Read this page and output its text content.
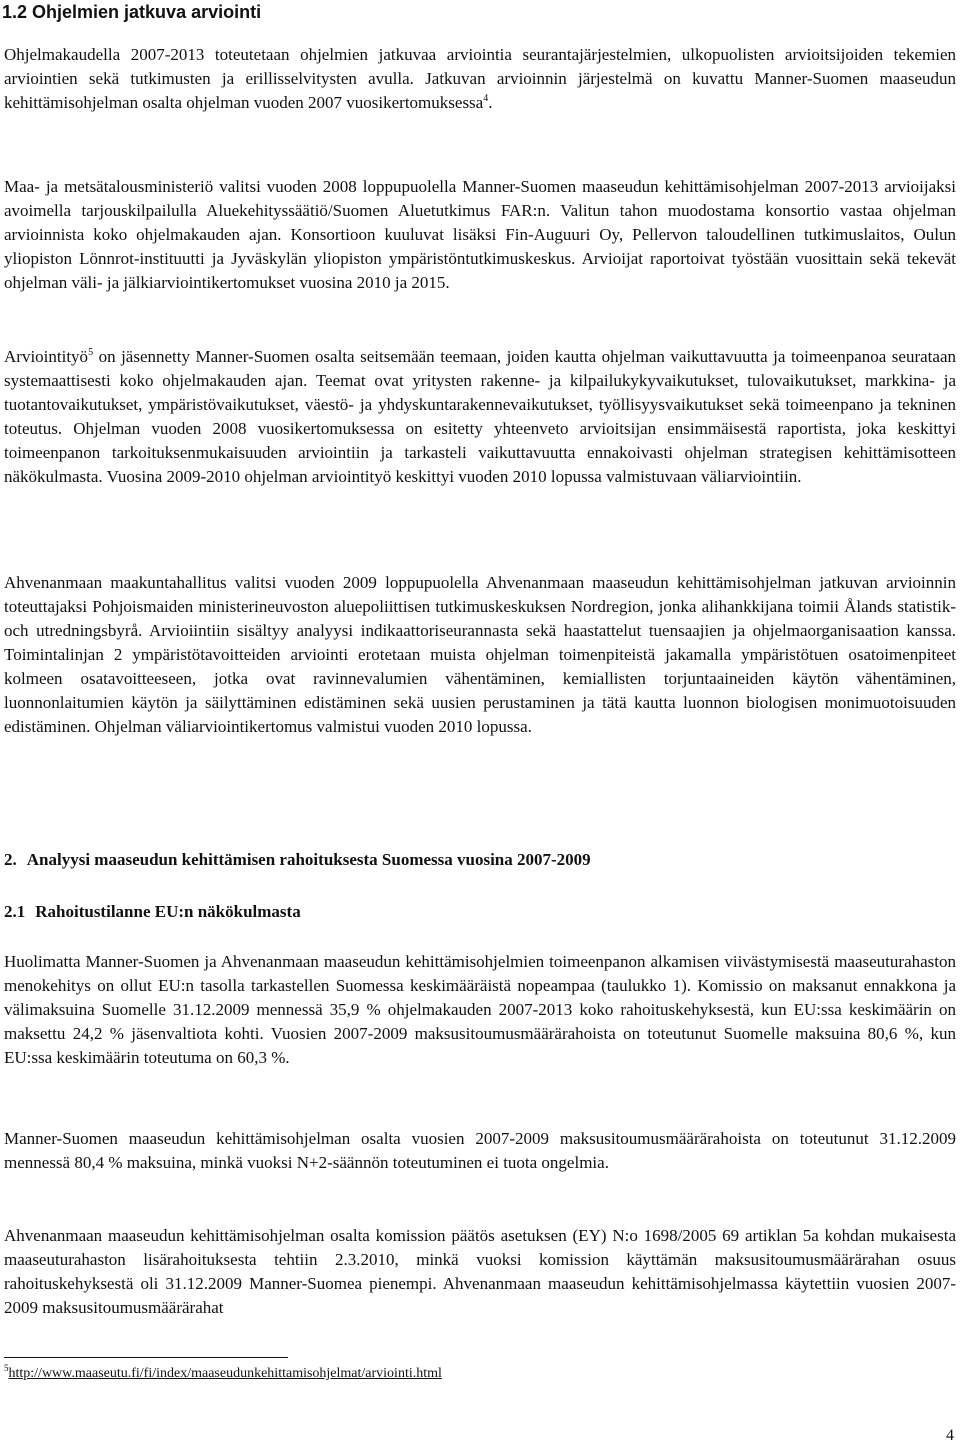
1.2 Ohjelmien jatkuva arviointi

Ohjelmakaudella 2007-2013 toteutetaan ohjelmien jatkuvaa arviointia seurantajärjestelmien, ulkopuolisten arvioitsijoiden tekemien arviointien sekä tutkimusten ja erillisselvitysten avulla. Jatkuvan arvioinnin järjestelmä on kuvattu Manner-Suomen maaseudun kehittämisohjelman osalta ohjelman vuoden 2007 vuosikertomuksessa$^4$.

Maa- ja metsätalousministeriö valitsi vuoden 2008 loppupuolella Manner-Suomen maaseudun kehittämisohjelman 2007-2013 arvioijaksi avoimella tarjouskilpailulla Aluekehityssäätiö/Suomen Aluetutkimus FAR:n. Valitun tahon muodostama konsortio vastaa ohjelman arvioinnista koko ohjelmakauden ajan. Konsortioon kuuluvat lisäksi Fin-Auguuri Oy, Pellervon taloudellinen tutkimuslaitos, Oulun yliopiston Lönnrot-instituutti ja Jyväskylän yliopiston ympäristöntutkimuskeskus. Arvioijat raportoivat työstään vuosittain sekä tekevät ohjelman väli- ja jälkiarviointikertomukset vuosina 2010 ja 2015.

Arviointityö$^5$ on jäsennetty Manner-Suomen osalta seitsemään teemaan, joiden kautta ohjelman vaikuttavuutta ja toimeenpanoa seurataan systemaattisesti koko ohjelmakauden ajan. Teemat ovat yritysten rakenne- ja kilpailukykyvaikutukset, tulovaikutukset, markkina- ja tuotantovaikutukset, ympäristövaikutukset, väestö- ja yhdyskuntarakennevaikutukset, työllisyysvaikutukset sekä toimeenpano ja tekninen toteutus. Ohjelman vuoden 2008 vuosikertomuksessa on esitetty yhteenveto arvioitsijan ensimmäisestä raportista, joka keskittyi toimeenpanon tarkoituksenmukaisuuden arviointiin ja tarkasteli vaikuttavuutta ennakoivasti ohjelman strategisen kehittämisotteen näkökulmasta. Vuosina 2009-2010 ohjelman arviointityö keskittyi vuoden 2010 lopussa valmistuvaan väliarviointiin.

Ahvenanmaan maakuntahallitus valitsi vuoden 2009 loppupuolella Ahvenanmaan maaseudun kehittämisohjelman jatkuvan arvioinnin toteuttajaksi Pohjoismaiden ministerineuvoston aluepoliittisen tutkimuskeskuksen Nordregion, jonka alihankkijana toimii Ålands statistik- och utredningsbyrå. Arvioiintiin sisältyy analyysi indikaattoriseurannasta sekä haastattelut tuensaajien ja ohjelmaorganisaation kanssa. Toimintalinjan 2 ympäristötavoitteiden arviointi erotetaan muista ohjelman toimenpiteistä jakamalla ympäristötuen osatoimenpiteet kolmeen osatavoitteeseen, jotka ovat ravinnevalumien vähentäminen, kemiallisten torjuntaaineiden käytön vähentäminen, luonnonlaitumien käytön ja säilyttäminen edistäminen sekä uusien perustaminen ja tätä kautta luonnon biologisen monimuotoisuuden edistäminen. Ohjelman väliarviointikertomus valmistui vuoden 2010 lopussa.

2. Analyysi maaseudun kehittämisen rahoituksesta Suomessa vuosina 2007-2009
2.1 Rahoitustilanne EU:n näkökulmasta

Huolimatta Manner-Suomen ja Ahvenanmaan maaseudun kehittämisohjelmien toimeenpanon alkamisen viivästymisestä maaseuturahaston menokehitys on ollut EU:n tasolla tarkastellen Suomessa keskimääräistä nopeampaa (taulukko 1). Komissio on maksanut ennakkona ja välimaksuina Suomelle 31.12.2009 mennessä 35,9 % ohjelmakauden 2007-2013 koko rahoituskehyksestä, kun EU:ssa keskimäärin on maksettu 24,2 % jäsenvaltiota kohti. Vuosien 2007-2009 maksusitoumusmäärärahoista on toteutunut Suomelle maksuina 80,6 %, kun EU:ssa keskimäärin toteutuma on 60,3 %.

Manner-Suomen maaseudun kehittämisohjelman osalta vuosien 2007-2009 maksusitoumusmäärärahoista on toteutunut 31.12.2009 mennessä 80,4 % maksuina, minkä vuoksi N+2-säännön toteutuminen ei tuota ongelmia.

Ahvenanmaan maaseudun kehittämisohjelman osalta komission päätös asetuksen (EY) N:o 1698/2005 69 artiklan 5a kohdan mukaisesta maaseuturahaston lisärahoituksesta tehtiin 2.3.2010, minkä vuoksi komission käyttämän maksusitoumusmäärärahan osuus rahoituskehyksestä oli 31.12.2009 Manner-Suomea pienempi. Ahvenanmaan maaseudun kehittämisohjelmassa käytettiin vuosien 2007-2009 maksusitoumusmäärärahat

$^5$http://www.maaseutu.fi/fi/index/maaseudunkehittamisohjelmat/arviointi.html

4
